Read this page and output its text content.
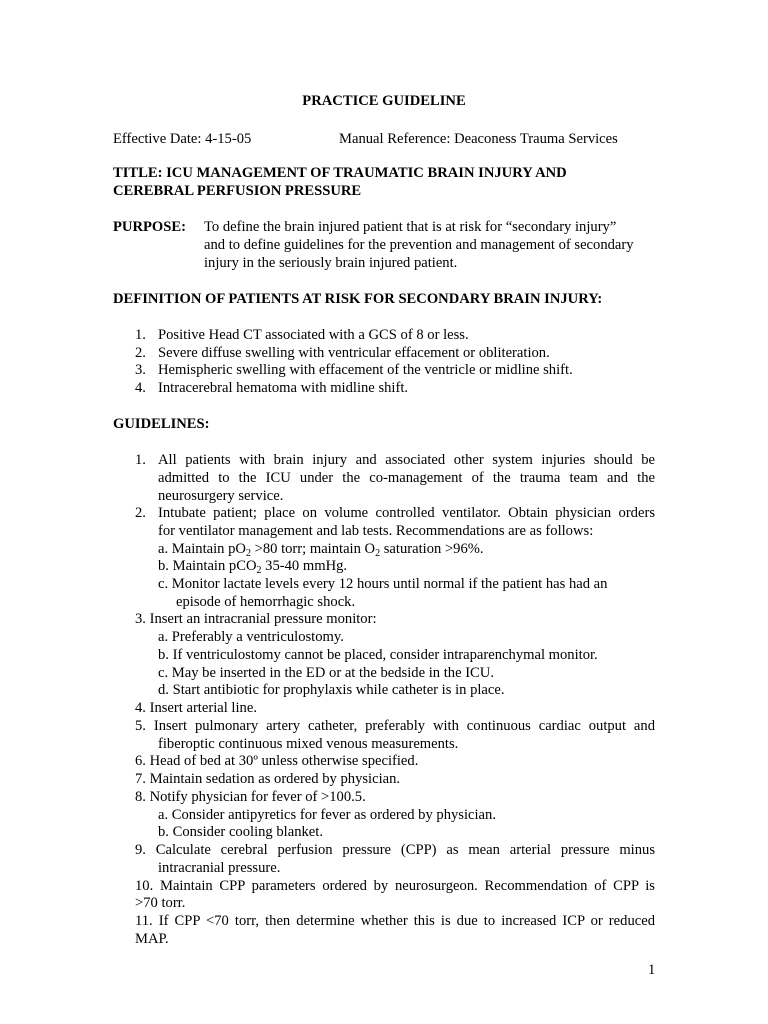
PRACTICE GUIDELINE
Effective Date: 4-15-05	Manual Reference: Deaconess Trauma Services
TITLE: ICU MANAGEMENT OF TRAUMATIC BRAIN INJURY AND
CEREBRAL PERFUSION PRESSURE
PURPOSE: To define the brain injured patient that is at risk for “secondary injury”
and to define guidelines for the prevention and management of secondary
injury in the seriously brain injured patient.
DEFINITION OF PATIENTS AT RISK FOR SECONDARY BRAIN INJURY:
1. Positive Head CT associated with a GCS of 8 or less.
2. Severe diffuse swelling with ventricular effacement or obliteration.
3. Hemispheric swelling with effacement of the ventricle or midline shift.
4. Intracerebral hematoma with midline shift.
GUIDELINES:
1. All patients with brain injury and associated other system injuries should be
admitted to the ICU under the co-management of the trauma team and the
neurosurgery service.
2. Intubate patient; place on volume controlled ventilator. Obtain physician orders
for ventilator management and lab tests. Recommendations are as follows:
a. Maintain $pO_2 >80$ torr; maintain $O_2$ saturation >96%.
b. Maintain pCO$_2$ 35-40 mmHg.
c. Monitor lactate levels every 12 hours until normal if the patient has had an
episode of hemorrhagic shock.
3. Insert an intracranial pressure monitor:
a. Preferably a ventriculostomy.
b. If ventriculostomy cannot be placed, consider intraparenchymal monitor.
c. May be inserted in the ED or at the bedside in the ICU.
d. Start antibiotic for prophylaxis while catheter is in place.
4. Insert arterial line.
5. Insert pulmonary artery catheter, preferably with continuous cardiac output and
fiberoptic continuous mixed venous measurements.
6. Head of bed at 30º unless otherwise specified.
7. Maintain sedation as ordered by physician.
8. Notify physician for fever of >100.5.
a. Consider antipyretics for fever as ordered by physician.
b. Consider cooling blanket.
9. Calculate cerebral perfusion pressure (CPP) as mean arterial pressure minus
intracranial pressure.
10. Maintain CPP parameters ordered by neurosurgeon. Recommendation of CPP is
>70 torr.
11. If CPP <70 torr, then determine whether this is due to increased ICP or reduced
MAP.
1
